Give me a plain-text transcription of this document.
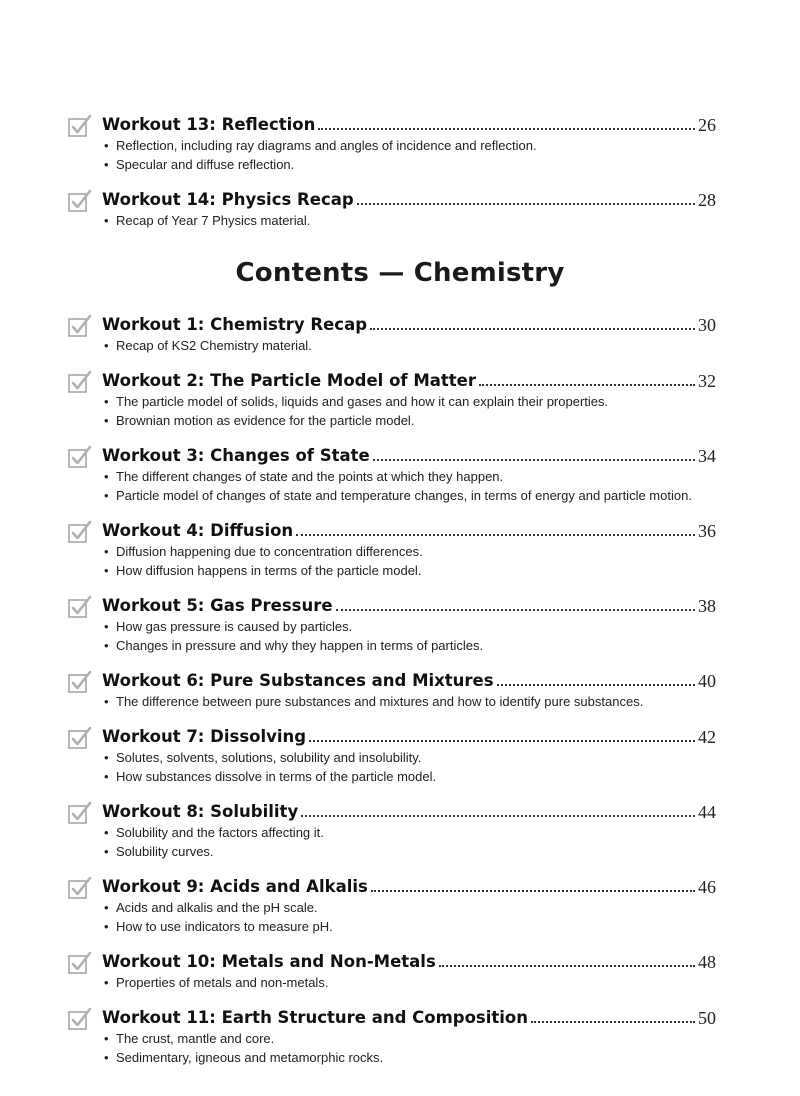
Workout 13: Reflection	26
• Reflection, including ray diagrams and angles of incidence and reflection.
• Specular and diffuse reflection.
Workout 14: Physics Recap	28
• Recap of Year 7 Physics material.
Contents — Chemistry
Workout 1: Chemistry Recap	30
• Recap of KS2 Chemistry material.
Workout 2: The Particle Model of Matter	32
• The particle model of solids, liquids and gases and how it can explain their properties.
• Brownian motion as evidence for the particle model.
Workout 3: Changes of State	34
• The different changes of state and the points at which they happen.
• Particle model of changes of state and temperature changes, in terms of energy and particle motion.
Workout 4: Diffusion	36
• Diffusion happening due to concentration differences.
• How diffusion happens in terms of the particle model.
Workout 5: Gas Pressure	38
• How gas pressure is caused by particles.
• Changes in pressure and why they happen in terms of particles.
Workout 6: Pure Substances and Mixtures	40
• The difference between pure substances and mixtures and how to identify pure substances.
Workout 7: Dissolving	42
• Solutes, solvents, solutions, solubility and insolubility.
• How substances dissolve in terms of the particle model.
Workout 8: Solubility	44
• Solubility and the factors affecting it.
• Solubility curves.
Workout 9: Acids and Alkalis	46
• Acids and alkalis and the pH scale.
• How to use indicators to measure pH.
Workout 10: Metals and Non-Metals	48
• Properties of metals and non-metals.
Workout 11: Earth Structure and Composition	50
• The crust, mantle and core.
• Sedimentary, igneous and metamorphic rocks.
